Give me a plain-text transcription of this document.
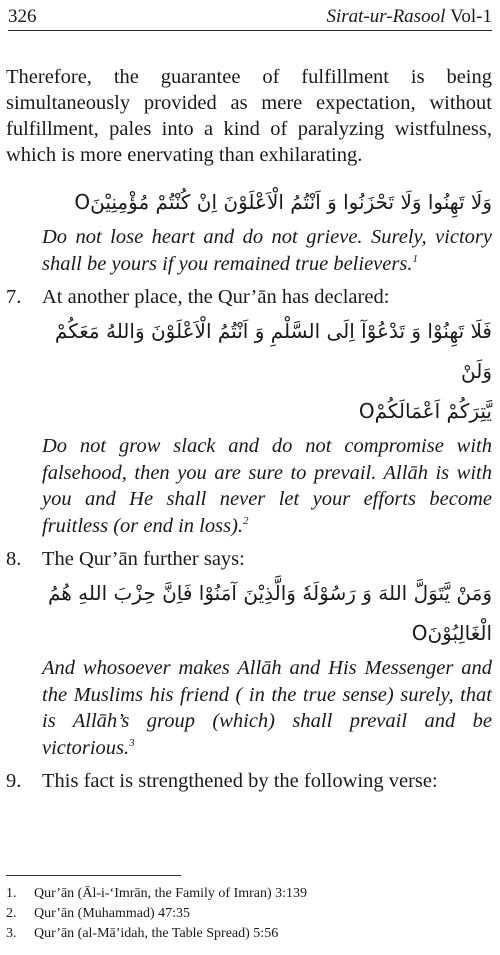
326	Sirat-ur-Rasool Vol-1

Therefore, the guarantee of fulfillment is being simultaneously provided as mere expectation, without fulfillment, pales into a kind of paralyzing wistfulness, which is more enervating than exhilarating.

وَلَا تَهِنُوا وَلَا تَحْزَنُوا وَ اَنْتُمُ الْاَعْلَوْنَ اِنْ كُنْتُمْ مُؤْمِنِيْنَO
Do not lose heart and do not grieve. Surely, victory shall be yours if you remained true believers.$^1$
7. At another place, the Qur’ān has declared:
فَلَا تَهِنُوْا وَ تَدْعُوْآ اِلَى السَّلْمِ وَ اَنْتُمُ الْاَعْلَوْنَ وَاللهُ مَعَكُمْ وَلَنْ
يَّتِرَكُمْ اَعْمَالَكُمْO
Do not grow slack and do not compromise with falsehood, then you are sure to prevail. Allāh is with you and He shall never let your efforts become fruitless (or end in loss).$^2$
8. The Qur’ān further says:
وَمَنْ يَّتَوَلَّ اللهَ وَ رَسُوْلَهٗ وَالَّذِيْنَ آمَنُوْا فَاِنَّ حِزْبَ اللهِ هُمُ
الْغَالِبُوْنَO
And whosoever makes Allāh and His Messenger and the Muslims his friend ( in the true sense) surely, that is Allāh’s group (which) shall prevail and be victorious.$^3$
9. This fact is strengthened by the following verse:
1. Qur’ān (Āl-i-‘Imrān, the Family of Imran) 3:139
2. Qur’ān (Muhammad) 47:35
3. Qur’ān (al-Mā’idah, the Table Spread) 5:56
